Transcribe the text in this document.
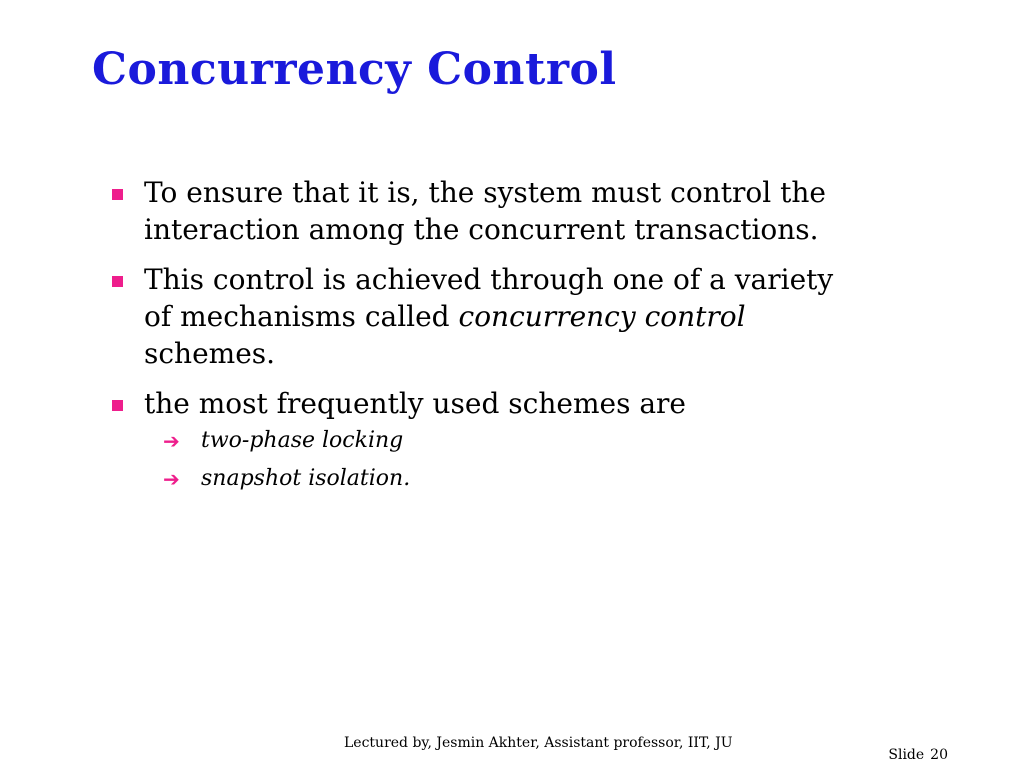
Concurrency Control
To ensure that it is, the system must control the interaction among the concurrent transactions.
This control is achieved through one of a variety of mechanisms called concurrency control schemes.
the most frequently used schemes are
➔ two-phase locking
➔ snapshot isolation.
Lectured by, Jesmin Akhter, Assistant professor, IIT, JU
Slide 20
